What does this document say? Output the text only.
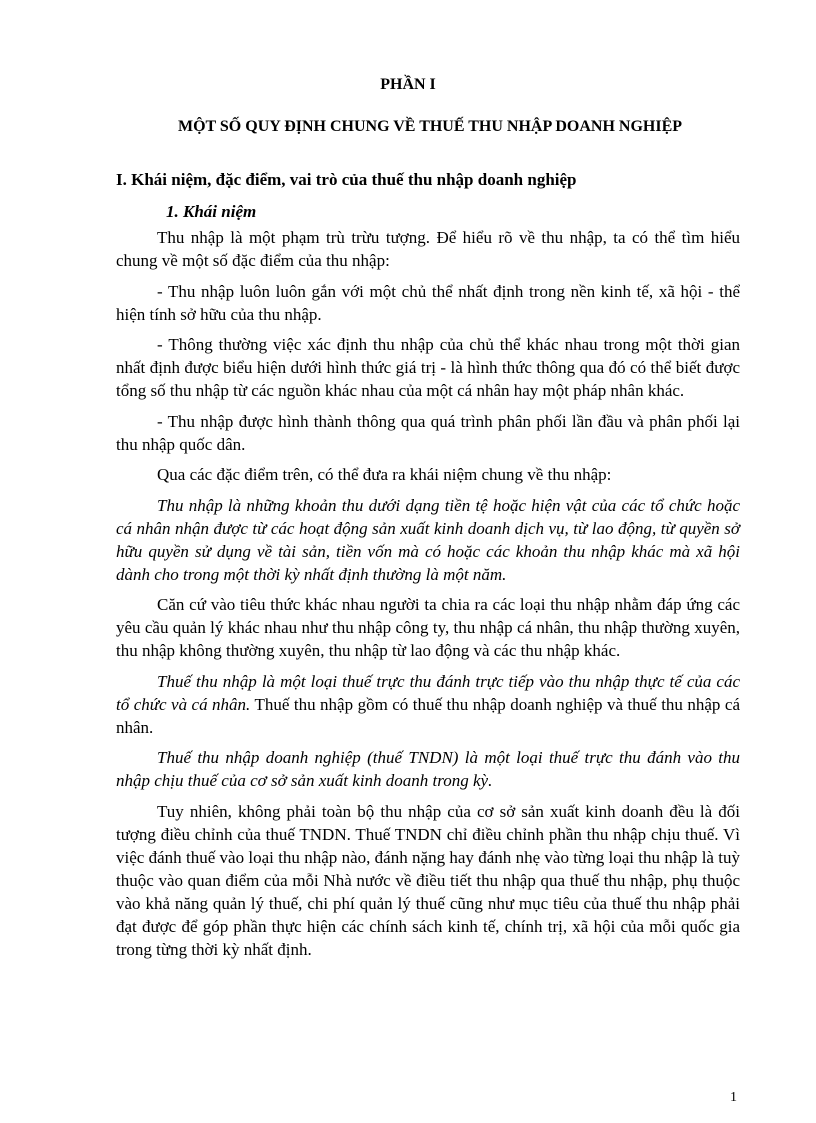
PHẦN I
MỘT SỐ QUY ĐỊNH CHUNG VỀ THUẾ THU NHẬP DOANH NGHIỆP
I. Khái niệm, đặc điểm, vai trò của thuế thu nhập doanh nghiệp
1. Khái niệm

Thu nhập là một phạm trù trừu tượng. Để hiểu rõ về thu nhập, ta có thể tìm hiểu chung về một số đặc điểm của thu nhập:

- Thu nhập luôn luôn gắn với một chủ thể nhất định trong nền kinh tế, xã hội - thể hiện tính sở hữu của thu nhập.

- Thông thường việc xác định thu nhập của chủ thể khác nhau trong một thời gian nhất định được biểu hiện dưới hình thức giá trị - là hình thức thông qua đó có thể biết được tổng số thu nhập từ các nguồn khác nhau của một cá nhân hay một pháp nhân khác.

- Thu nhập được hình thành thông qua quá trình phân phối lần đầu và phân phối lại thu nhập quốc dân.

Qua các đặc điểm trên, có thể đưa ra khái niệm chung về thu nhập:

Thu nhập là những khoản thu dưới dạng tiền tệ hoặc hiện vật của các tổ chức hoặc cá nhân nhận được từ các hoạt động sản xuất kinh doanh dịch vụ, từ lao động, từ quyền sở hữu quyền sử dụng về tài sản, tiền vốn mà có hoặc các khoản thu nhập khác mà xã hội dành cho trong một thời kỳ nhất định thường là một năm.

Căn cứ vào tiêu thức khác nhau người ta chia ra các loại thu nhập nhằm đáp ứng các yêu cầu quản lý khác nhau như thu nhập công ty, thu nhập cá nhân, thu nhập thường xuyên, thu nhập không thường xuyên, thu nhập từ lao động và các thu nhập khác.

Thuế thu nhập là một loại thuế trực thu đánh trực tiếp vào thu nhập thực tế của các tổ chức và cá nhân. Thuế thu nhập gồm có thuế thu nhập doanh nghiệp và thuế thu nhập cá nhân.

Thuế thu nhập doanh nghiệp (thuế TNDN) là một loại thuế trực thu đánh vào thu nhập chịu thuế của cơ sở sản xuất kinh doanh trong kỳ.

Tuy nhiên, không phải toàn bộ thu nhập của cơ sở sản xuất kinh doanh đều là đối tượng điều chỉnh của thuế TNDN. Thuế TNDN chỉ điều chỉnh phần thu nhập chịu thuế. Vì việc đánh thuế vào loại thu nhập nào, đánh nặng hay đánh nhẹ vào từng loại thu nhập là tuỳ thuộc vào quan điểm của mỗi Nhà nước về điều tiết thu nhập qua thuế thu nhập, phụ thuộc vào khả năng quản lý thuế, chi phí quản lý thuế cũng như mục tiêu của thuế thu nhập phải đạt được để góp phần thực hiện các chính sách kinh tế, chính trị, xã hội của mỗi quốc gia trong từng thời kỳ nhất định.

1
